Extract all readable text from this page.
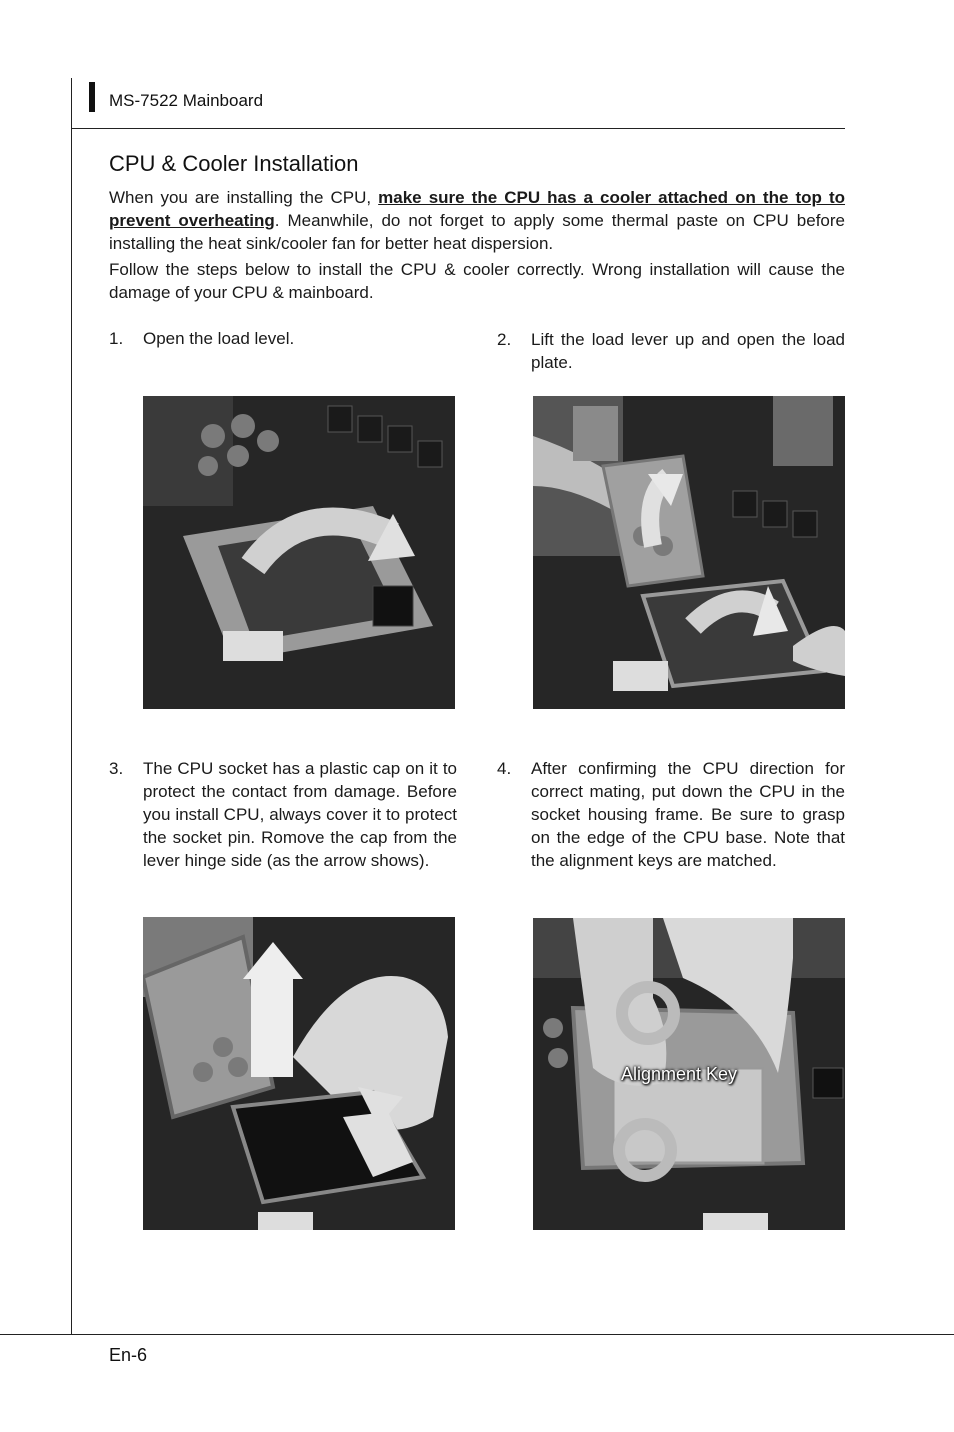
MS-7522 Mainboard
CPU & Cooler Installation

When you are installing the CPU, make sure the CPU has a cooler attached on the top to prevent overheating. Meanwhile, do not forget to apply some thermal paste on CPU before installing the heat sink/cooler fan for better heat dispersion.

Follow the steps below to install the CPU & cooler correctly. Wrong installation will cause the damage of your CPU & mainboard.

1. Open the load level.	2. Lift the load lever up and open the load plate.
3. The CPU socket has a plastic cap on it to protect the contact from damage. Before you install CPU, always cover it to protect the socket pin. Romove the cap from the lever hinge side (as the arrow shows).
4. After confirming the CPU direction for correct mating, put down the CPU in the socket housing frame. Be sure to grasp on the edge of the CPU base. Note that the alignment keys are matched.
Alignment Key
En-6
